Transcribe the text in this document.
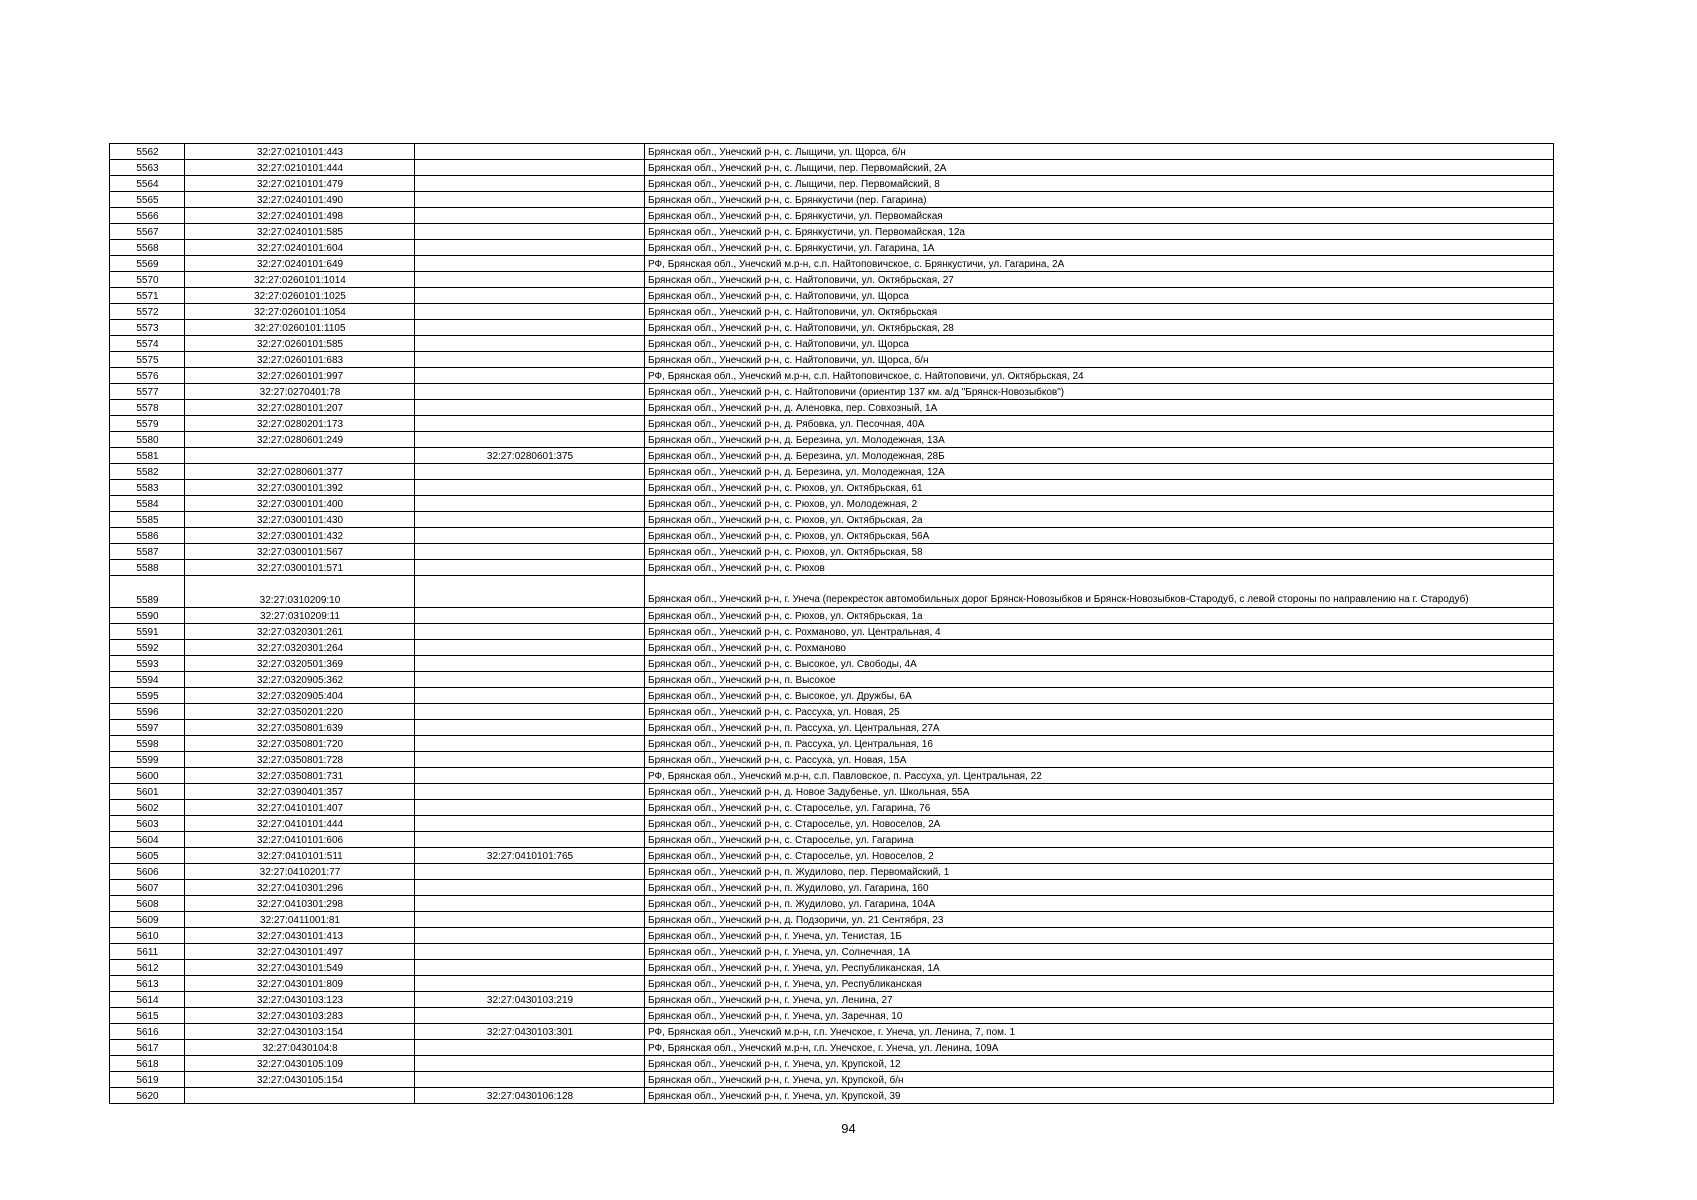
5562	32:27:0210101:443		Брянская обл., Унечский р-н, с. Лыщичи, ул. Щорса, б/н
5563	32:27:0210101:444		Брянская обл., Унечский р-н, с. Лыщичи, пер. Первомайский, 2А
5564	32:27:0210101:479		Брянская обл., Унечский р-н, с. Лыщичи, пер. Первомайский, 8
5565	32:27:0240101:490		Брянская обл., Унечский р-н, с. Брянкустичи (пер. Гагарина)
5566	32:27:0240101:498		Брянская обл., Унечский р-н, с. Брянкустичи, ул. Первомайская
5567	32:27:0240101:585		Брянская обл., Унечский р-н, с. Брянкустичи, ул. Первомайская, 12а
5568	32:27:0240101:604		Брянская обл., Унечский р-н, с. Брянкустичи, ул. Гагарина, 1А
5569	32:27:0240101:649		РФ, Брянская обл., Унечский м.р-н, с.п. Найтоповичское, с. Брянкустичи, ул. Гагарина, 2А
5570	32:27:0260101:1014		Брянская обл., Унечский р-н, с. Найтоповичи, ул. Октябрьская, 27
5571	32:27:0260101:1025		Брянская обл., Унечский р-н, с. Найтоповичи, ул. Щорса
5572	32:27:0260101:1054		Брянская обл., Унечский р-н, с. Найтоповичи, ул. Октябрьская
5573	32:27:0260101:1105		Брянская обл., Унечский р-н, с. Найтоповичи, ул. Октябрьская, 28
5574	32:27:0260101:585		Брянская обл., Унечский р-н, с. Найтоповичи, ул. Щорса
5575	32:27:0260101:683		Брянская обл., Унечский р-н, с. Найтоповичи, ул. Щорса, б/н
5576	32:27:0260101:997		РФ, Брянская обл., Унечский м.р-н, с.п. Найтоповичское, с. Найтоповичи, ул. Октябрьская, 24
5577	32:27:0270401:78		Брянская обл., Унечский р-н, с. Найтоповичи (ориентир 137 км. а/д "Брянск-Новозыбков")
5578	32:27:0280101:207		Брянская обл., Унечский р-н, д. Аленовка, пер. Совхозный, 1А
5579	32:27:0280201:173		Брянская обл., Унечский р-н, д. Рябовка, ул. Песочная, 40А
5580	32:27:0280601:249		Брянская обл., Унечский р-н, д. Березина, ул. Молодежная, 13А
5581		32:27:0280601:375	Брянская обл., Унечский р-н, д. Березина, ул. Молодежная, 28Б
5582	32:27:0280601:377		Брянская обл., Унечский р-н, д. Березина, ул. Молодежная, 12А
5583	32:27:0300101:392		Брянская обл., Унечский р-н, с. Рюхов, ул. Октябрьская, 61
5584	32:27:0300101:400		Брянская обл., Унечский р-н, с. Рюхов, ул. Молодежная, 2
5585	32:27:0300101:430		Брянская обл., Унечский р-н, с. Рюхов, ул. Октябрьская, 2а
5586	32:27:0300101:432		Брянская обл., Унечский р-н, с. Рюхов, ул. Октябрьская, 56А
5587	32:27:0300101:567		Брянская обл., Унечский р-н, с. Рюхов, ул. Октябрьская, 58
5588	32:27:0300101:571		Брянская обл., Унечский р-н, с. Рюхов
5589	32:27:0310209:10		Брянская обл., Унечский р-н, г. Унеча (перекресток автомобильных дорог Брянск-Новозыбков и Брянск-Новозыбков-Стародуб, с левой стороны по направлению на г. Стародуб)
5590	32:27:0310209:11		Брянская обл., Унечский р-н, с. Рюхов, ул. Октябрьская, 1а
5591	32:27:0320301:261		Брянская обл., Унечский р-н, с. Рохманово, ул. Центральная, 4
5592	32:27:0320301:264		Брянская обл., Унечский р-н, с. Рохманово
5593	32:27:0320501:369		Брянская обл., Унечский р-н, с. Высокое, ул. Свободы, 4А
5594	32:27:0320905:362		Брянская обл., Унечский р-н, п. Высокое
5595	32:27:0320905:404		Брянская обл., Унечский р-н, с. Высокое, ул. Дружбы, 6А
5596	32:27:0350201:220		Брянская обл., Унечский р-н, с. Рассуха, ул. Новая, 25
5597	32:27:0350801:639		Брянская обл., Унечский р-н, п. Рассуха, ул. Центральная, 27А
5598	32:27:0350801:720		Брянская обл., Унечский р-н, п. Рассуха, ул. Центральная, 16
5599	32:27:0350801:728		Брянская обл., Унечский р-н, с. Рассуха, ул. Новая, 15А
5600	32:27:0350801:731		РФ, Брянская обл., Унечский м.р-н, с.п. Павловское, п. Рассуха, ул. Центральная, 22
5601	32:27:0390401:357		Брянская обл., Унечский р-н, д. Новое Задубенье, ул. Школьная, 55А
5602	32:27:0410101:407		Брянская обл., Унечский р-н, с. Староселье, ул. Гагарина, 76
5603	32:27:0410101:444		Брянская обл., Унечский р-н, с. Староселье, ул. Новоселов, 2А
5604	32:27:0410101:606		Брянская обл., Унечский р-н, с. Староселье, ул. Гагарина
5605	32:27:0410101:511	32:27:0410101:765	Брянская обл., Унечский р-н, с. Староселье, ул. Новоселов, 2
5606	32:27:0410201:77		Брянская обл., Унечский р-н, п. Жудилово, пер. Первомайский, 1
5607	32:27:0410301:296		Брянская обл., Унечский р-н, п. Жудилово, ул. Гагарина, 160
5608	32:27:0410301:298		Брянская обл., Унечский р-н, п. Жудилово, ул. Гагарина, 104А
5609	32:27:0411001:81		Брянская обл., Унечский р-н, д. Подзоричи, ул. 21 Сентября, 23
5610	32:27:0430101:413		Брянская обл., Унечский р-н, г. Унеча, ул. Тенистая, 1Б
5611	32:27:0430101:497		Брянская обл., Унечский р-н, г. Унеча, ул. Солнечная, 1А
5612	32:27:0430101:549		Брянская обл., Унечский р-н, г. Унеча, ул. Республиканская, 1А
5613	32:27:0430101:809		Брянская обл., Унечский р-н, г. Унеча, ул. Республиканская
5614	32:27:0430103:123	32:27:0430103:219	Брянская обл., Унечский р-н, г. Унеча, ул. Ленина, 27
5615	32:27:0430103:283		Брянская обл., Унечский р-н, г. Унеча, ул. Заречная, 10
5616	32:27:0430103:154	32:27:0430103:301	РФ, Брянская обл., Унечский м.р-н, г.п. Унечское, г. Унеча, ул. Ленина, 7, пом. 1
5617	32:27:0430104:8		РФ, Брянская обл., Унечский м.р-н, г.п. Унечское, г. Унеча, ул. Ленина, 109А
5618	32:27:0430105:109		Брянская обл., Унечский р-н, г. Унеча, ул. Крупской, 12
5619	32:27:0430105:154		Брянская обл., Унечский р-н, г. Унеча, ул. Крупской, б/н
5620		32:27:0430106:128	Брянская обл., Унечский р-н, г. Унеча, ул. Крупской, 39
94
